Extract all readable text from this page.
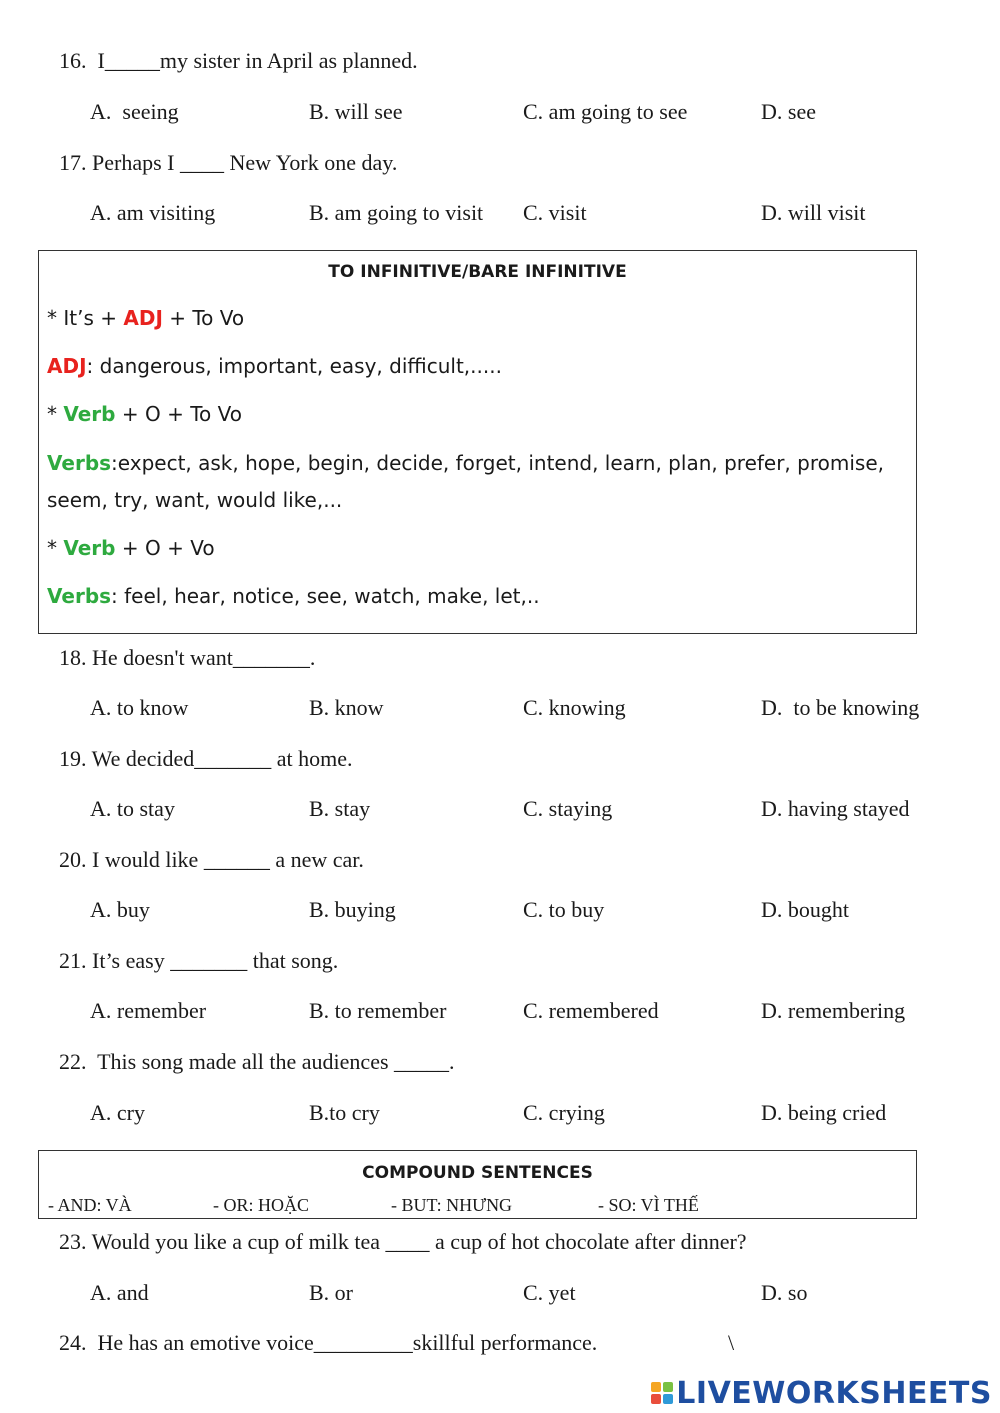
16.  I_____my sister in April as planned.
A.  seeing	B. will see	C. am going to see	D. see
17. Perhaps I ____ New York one day.
A. am visiting	B. am going to visit C. visit	D. will visit
TO INFINITIVE/BARE INFINITIVE
* It’s + ADJ + To Vo
ADJ: dangerous, important, easy, difficult,.....
* Verb + O + To Vo
Verbs:expect, ask, hope, begin, decide, forget, intend, learn, plan, prefer, promise,
seem, try, want, would like,...
* Verb + O + Vo
Verbs: feel, hear, notice, see, watch, make, let,..
18. He doesn't want_______.
A. to know	B. know	C. knowing	D.  to be knowing
19. We decided_______ at home.
A. to stay	B. stay	C. staying	D. having stayed
20. I would like ______ a new car.
A. buy	B. buying	C. to buy	D. bought
21. It’s easy _______ that song.
A. remember	B. to remember	C. remembered	D. remembering
22.  This song made all the audiences _____.
A. cry	B.to cry	C. crying	D. being cried
COMPOUND SENTENCES
- AND: VÀ	- OR: HOẶC	- BUT: NHƯNG	- SO: VÌ THẾ
23. Would you like a cup of milk tea ____ a cup of hot chocolate after dinner?
A. and	B. or	C. yet	D. so
24.  He has an emotive voice_________skillful performance.	\
LIVEWORKSHEETS
